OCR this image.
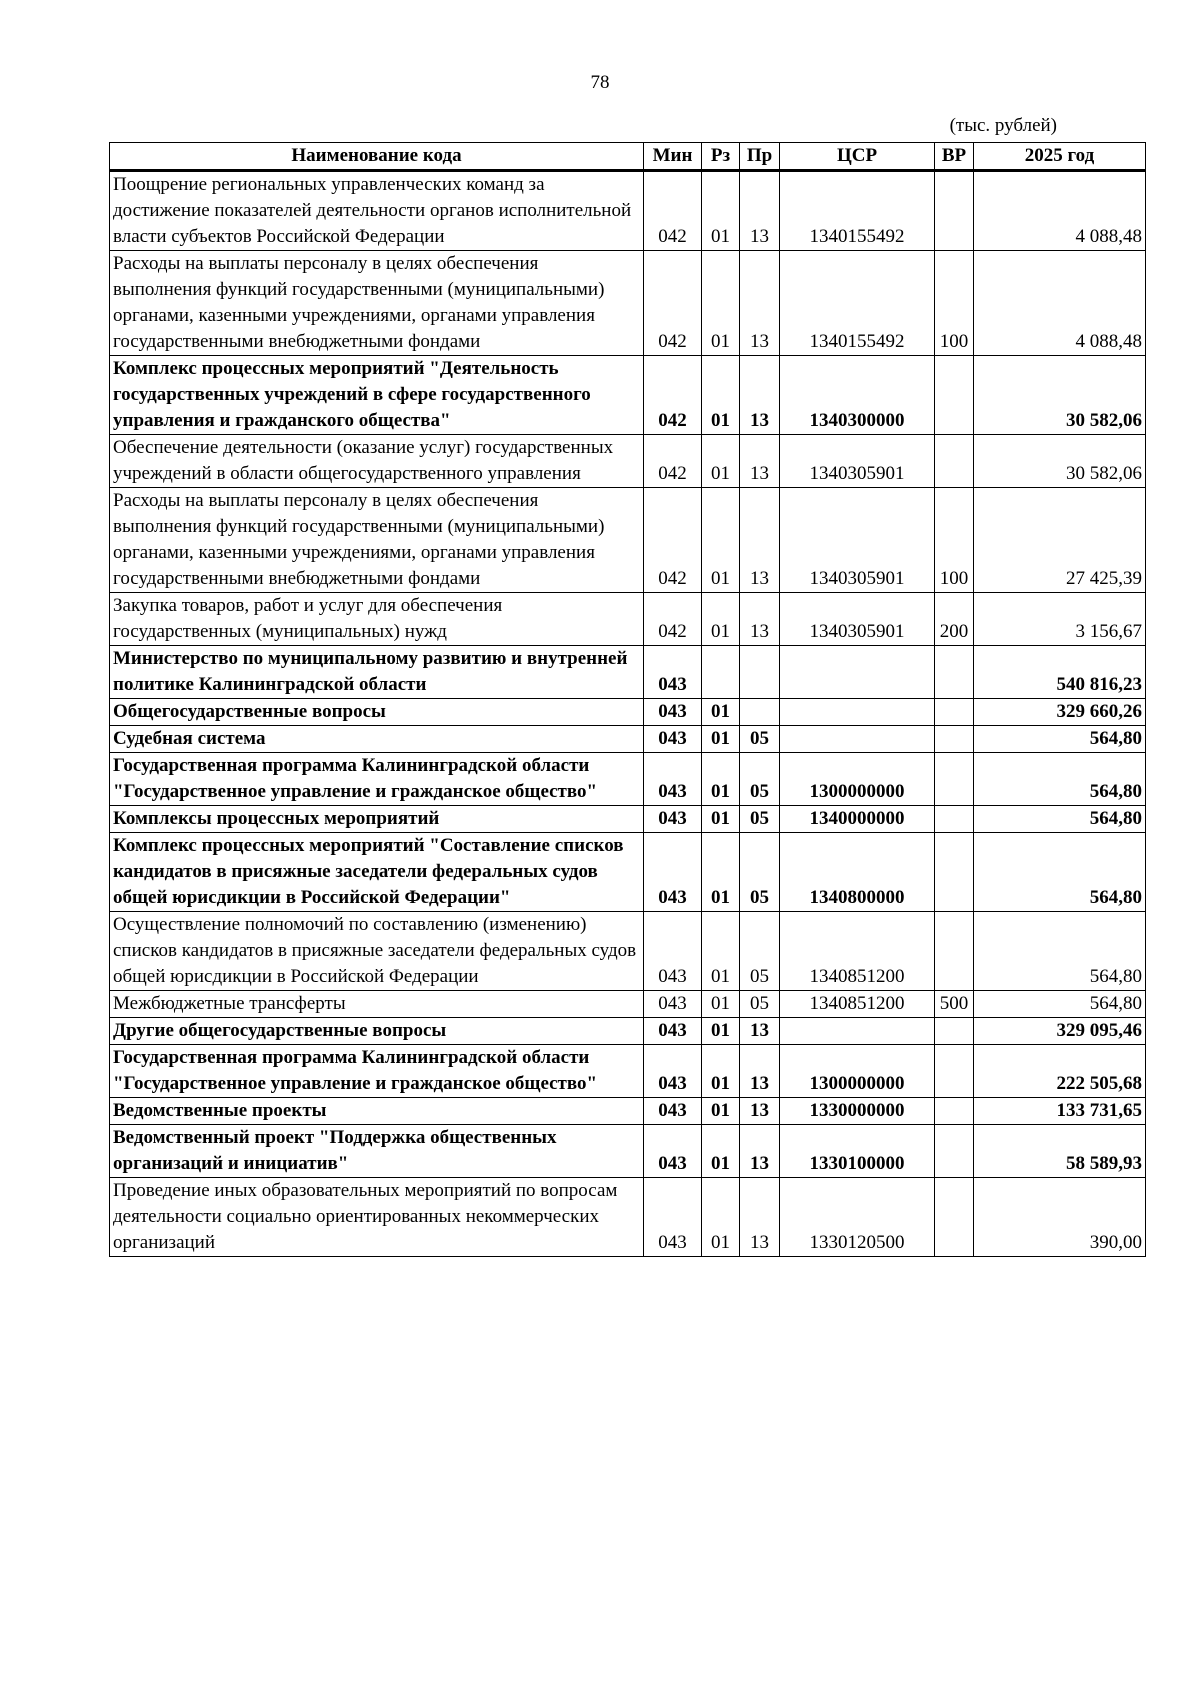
78
(тыс. рублей)
Наименование кода	Мин	Рз	Пр	ЦСР	ВР	2025 год
Поощрение региональных управленческих команд за достижение показателей деятельности органов исполнительной власти субъектов Российской Федерации	042	01	13	1340155492		4 088,48
Расходы на выплаты персоналу в целях обеспечения выполнения функций государственными (муниципальными) органами, казенными учреждениями, органами управления государственными внебюджетными фондами	042	01	13	1340155492	100	4 088,48
Комплекс процессных мероприятий "Деятельность государственных учреждений в сфере государственного управления и гражданского общества"	042	01	13	1340300000		30 582,06
Обеспечение деятельности (оказание услуг) государственных учреждений в области общегосударственного управления	042	01	13	1340305901		30 582,06
Расходы на выплаты персоналу в целях обеспечения выполнения функций государственными (муниципальными) органами, казенными учреждениями, органами управления государственными внебюджетными фондами	042	01	13	1340305901	100	27 425,39
Закупка товаров, работ и услуг для обеспечения государственных (муниципальных) нужд	042	01	13	1340305901	200	3 156,67
Министерство по муниципальному развитию и внутренней политике Калининградской области	043					540 816,23
Общегосударственные вопросы	043	01				329 660,26
Судебная система	043	01	05			564,80
Государственная программа Калининградской области "Государственное управление и гражданское общество"	043	01	05	1300000000		564,80
Комплексы процессных мероприятий	043	01	05	1340000000		564,80
Комплекс процессных мероприятий "Составление списков кандидатов в присяжные заседатели федеральных судов общей юрисдикции в Российской Федерации"	043	01	05	1340800000		564,80
Осуществление полномочий по составлению (изменению) списков кандидатов в присяжные заседатели федеральных судов общей юрисдикции в Российской Федерации	043	01	05	1340851200		564,80
Межбюджетные трансферты	043	01	05	1340851200	500	564,80
Другие общегосударственные вопросы	043	01	13			329 095,46
Государственная программа Калининградской области "Государственное управление и гражданское общество"	043	01	13	1300000000		222 505,68
Ведомственные проекты	043	01	13	1330000000		133 731,65
Ведомственный проект "Поддержка общественных организаций и инициатив"	043	01	13	1330100000		58 589,93
Проведение иных образовательных мероприятий по вопросам деятельности социально ориентированных некоммерческих организаций	043	01	13	1330120500		390,00
